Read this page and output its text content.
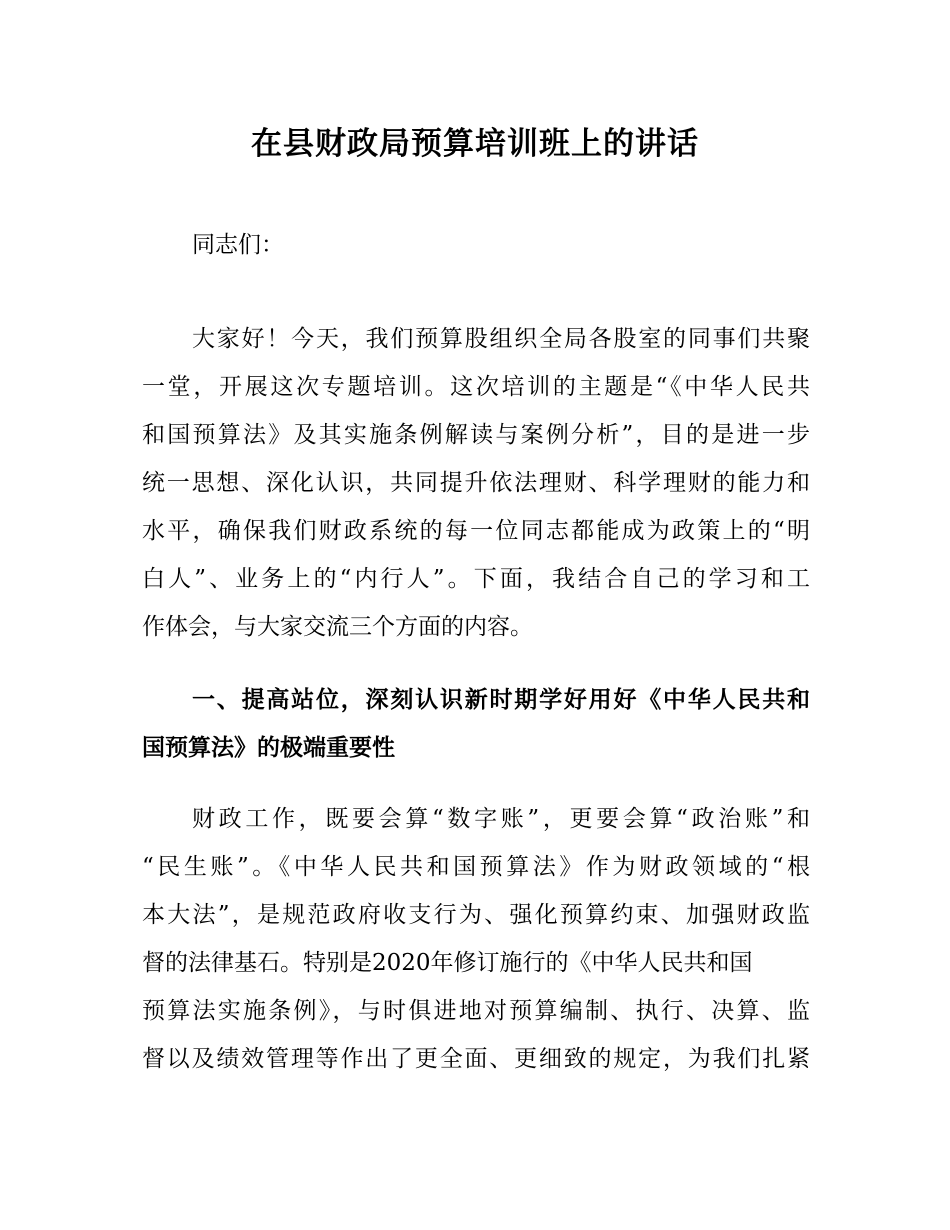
在县财政局预算培训班上的讲话
同志们：
大家好！今天，我们预算股组织全局各股室的同事们共聚
一堂，开展这次专题培训。这次培训的主题是“《中华人民共
和国预算法》及其实施条例解读与案例分析”，目的是进一步
统一思想、深化认识，共同提升依法理财、科学理财的能力和
水平，确保我们财政系统的每一位同志都能成为政策上的“明
白人”、业务上的“内行人”。下面，我结合自己的学习和工
作体会，与大家交流三个方面的内容。
一、提高站位，深刻认识新时期学好用好《中华人民共和
国预算法》的极端重要性
财政工作，既要会算“数字账”，更要会算“政治账”和
“民生账”。《中华人民共和国预算法》作为财政领域的“根
本大法”，是规范政府收支行为、强化预算约束、加强财政监
督的法律基石。特别是2020年修订施行的《中华人民共和国
预算法实施条例》，与时俱进地对预算编制、执行、决算、监
督以及绩效管理等作出了更全面、更细致的规定，为我们扎紧
